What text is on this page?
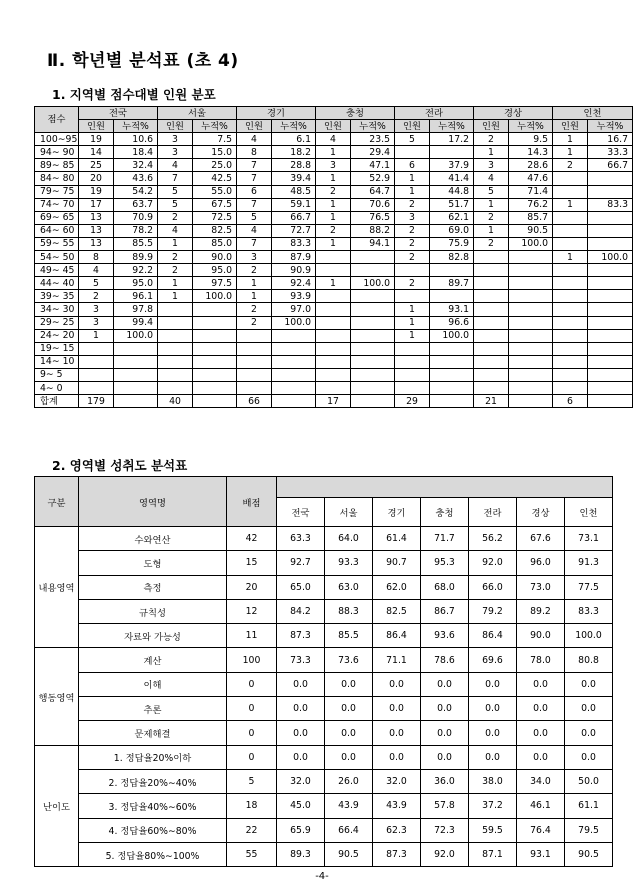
Ⅱ. 학년별 분석표 (초 4)
1. 지역별 점수대별 인원 분포
점수	전국		서울		경기		충청		전라		경상		인천	
	인원	누적%	인원	누적%	인원	누적%	인원	누적%	인원	누적%	인원	누적%	인원	누적%
100∼95	19	10.6	3	7.5	4	6.1	4	23.5	5	17.2	2	9.5	1	16.7
94∼ 90	14	18.4	3	15.0	8	18.2	1	29.4			1	14.3	1	33.3
89∼ 85	25	32.4	4	25.0	7	28.8	3	47.1	6	37.9	3	28.6	2	66.7
84∼ 80	20	43.6	7	42.5	7	39.4	1	52.9	1	41.4	4	47.6		
79∼ 75	19	54.2	5	55.0	6	48.5	2	64.7	1	44.8	5	71.4		
74∼ 70	17	63.7	5	67.5	7	59.1	1	70.6	2	51.7	1	76.2	1	83.3
69∼ 65	13	70.9	2	72.5	5	66.7	1	76.5	3	62.1	2	85.7		
64∼ 60	13	78.2	4	82.5	4	72.7	2	88.2	2	69.0	1	90.5		
59∼ 55	13	85.5	1	85.0	7	83.3	1	94.1	2	75.9	2	100.0		
54∼ 50	8	89.9	2	90.0	3	87.9			2	82.8			1	100.0
49∼ 45	4	92.2	2	95.0	2	90.9								
44∼ 40	5	95.0	1	97.5	1	92.4	1	100.0	2	89.7				
39∼ 35	2	96.1	1	100.0	1	93.9								
34∼ 30	3	97.8			2	97.0			1	93.1				
29∼ 25	3	99.4			2	100.0			1	96.6				
24∼ 20	1	100.0							1	100.0				
19∼ 15														
14∼ 10														
9∼ 5														
4∼ 0														
합계	179		40		66		17		29		21		6	
2. 영역별 성취도 분석표
구분	영역명	배점							
			전국	서울	경기	충청	전라	경상	인천
내용영역	수와연산	42	63.3	64.0	61.4	71.7	56.2	67.6	73.1
	도형	15	92.7	93.3	90.7	95.3	92.0	96.0	91.3
	측정	20	65.0	63.0	62.0	68.0	66.0	73.0	77.5
	규칙성	12	84.2	88.3	82.5	86.7	79.2	89.2	83.3
	자료와 가능성	11	87.3	85.5	86.4	93.6	86.4	90.0	100.0
행동영역	계산	100	73.3	73.6	71.1	78.6	69.6	78.0	80.8
	이해	0	0.0	0.0	0.0	0.0	0.0	0.0	0.0
	추론	0	0.0	0.0	0.0	0.0	0.0	0.0	0.0
	문제해결	0	0.0	0.0	0.0	0.0	0.0	0.0	0.0
난이도	1. 정답율20%이하	0	0.0	0.0	0.0	0.0	0.0	0.0	0.0
	2. 정답율20%∼40%	5	32.0	26.0	32.0	36.0	38.0	34.0	50.0
	3. 정답율40%∼60%	18	45.0	43.9	43.9	57.8	37.2	46.1	61.1
	4. 정답율60%∼80%	22	65.9	66.4	62.3	72.3	59.5	76.4	79.5
	5. 정답율80%∼100%	55	89.3	90.5	87.3	92.0	87.1	93.1	90.5
-4-
